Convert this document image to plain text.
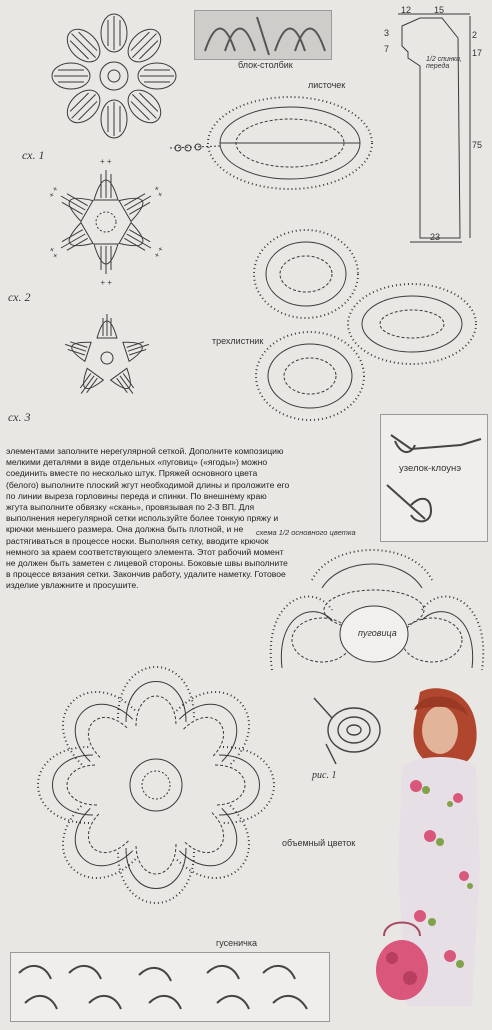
сх. 1	+ +
сх. 2
сх. 3
блок-столбик
листочек
12	15
3
7
2
17
75
23
1/2 спинки, переда
трехлистник
узелок-клоунэ
элементами заполните нерегулярной сеткой. Дополните композицию мелкими деталями в виде отдельных «пуговиц» («ягоды») можно соединить вместе по несколько штук. Пряжей основного цвета (белого) выполните плоский жгут необходимой длины и проложите его по линии выреза горловины переда и спинки. По внешнему краю жгута выполните обвязку «скань», провязывая по 2-3 ВП. Для выполнения нерегулярной сетки используйте более тонкую пряжу и крючки меньшего размера. Она должна быть плотной, и не растягиваться в процессе носки. Выполняя сетку, вводите крючок немного за краем соответствующего элемента. Этот рабочий момент не должен быть заметен с лицевой стороны. Боковые швы выполните в процессе вязания сетки. Закончив работу, удалите наметку. Готовое изделие увлажните и просушите.
схема 1/2 основного цветка
пуговица
рис. 1
объемный цветок
гусеничка
